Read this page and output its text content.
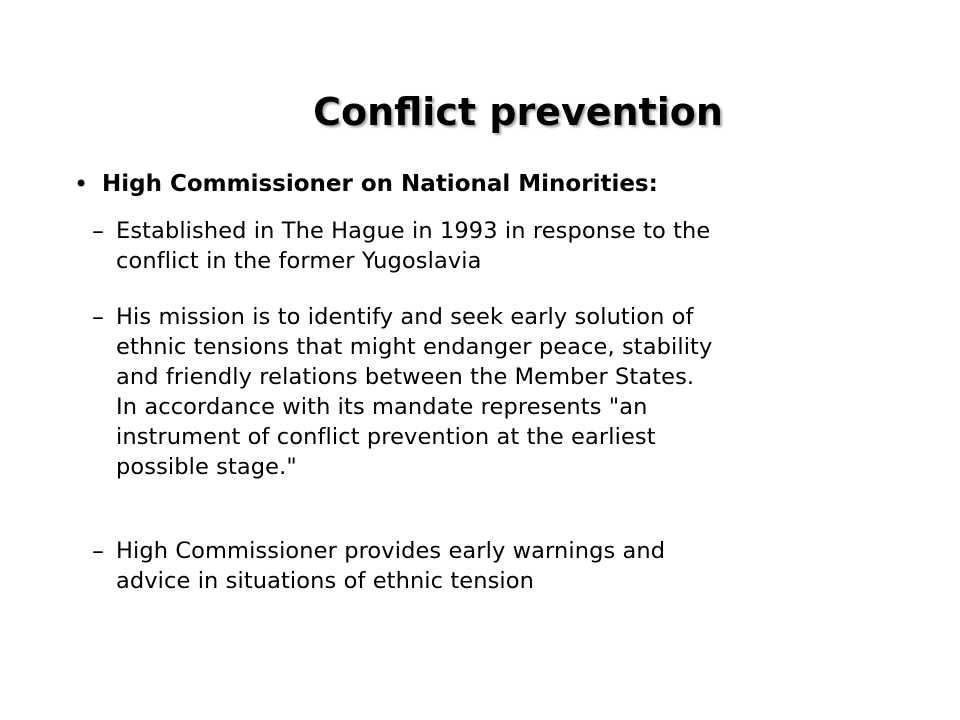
Conflict prevention
• High Commissioner on National Minorities:
– Established in The Hague in 1993 in response to the
conflict in the former Yugoslavia
– His mission is to identify and seek early solution of
ethnic tensions that might endanger peace, stability
and friendly relations between the Member States.
In accordance with its mandate represents "an
instrument of conflict prevention at the earliest
possible stage."
– High Commissioner provides early warnings and
advice in situations of ethnic tension
